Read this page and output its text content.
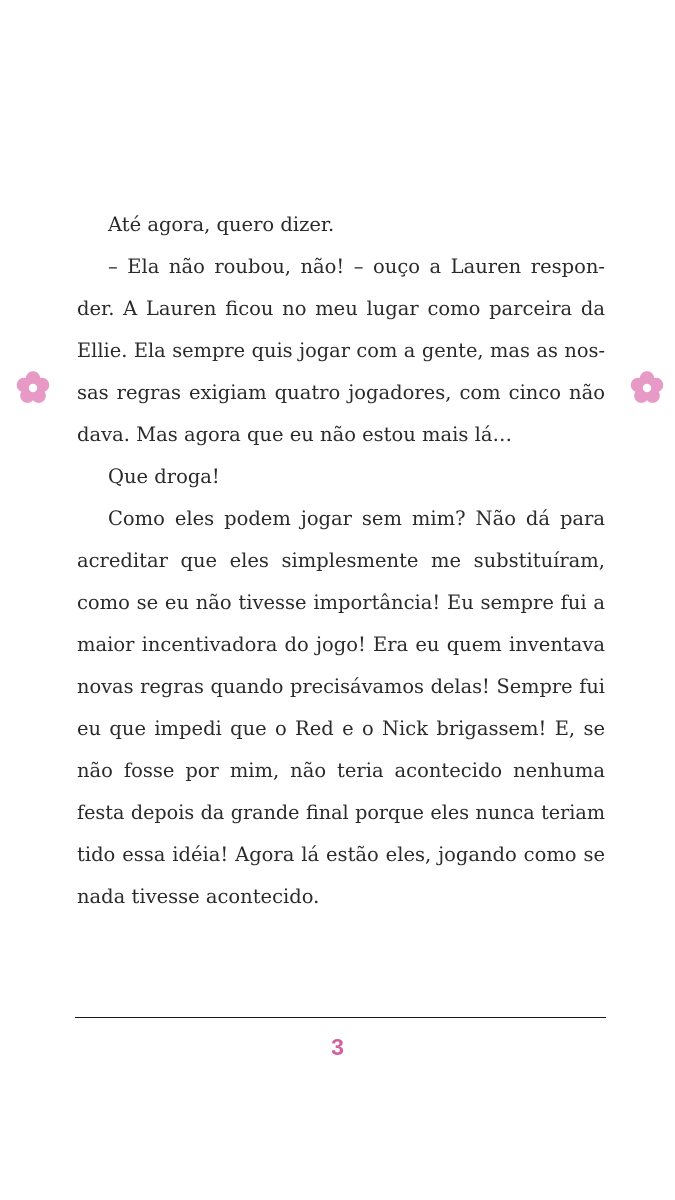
Até agora, quero dizer.
– Ela não roubou, não! – ouço a Lauren respon-
der. A Lauren ficou no meu lugar como parceira da
Ellie. Ela sempre quis jogar com a gente, mas as nos-
sas regras exigiam quatro jogadores, com cinco não
dava. Mas agora que eu não estou mais lá…
Que droga!
Como eles podem jogar sem mim? Não dá para
acreditar que eles simplesmente me substituíram,
como se eu não tivesse importância! Eu sempre fui a
maior incentivadora do jogo! Era eu quem inventava
novas regras quando precisávamos delas! Sempre fui
eu que impedi que o Red e o Nick brigassem! E, se
não fosse por mim, não teria acontecido nenhuma
festa depois da grande final porque eles nunca teriam
tido essa idéia! Agora lá estão eles, jogando como se
nada tivesse acontecido.
3
